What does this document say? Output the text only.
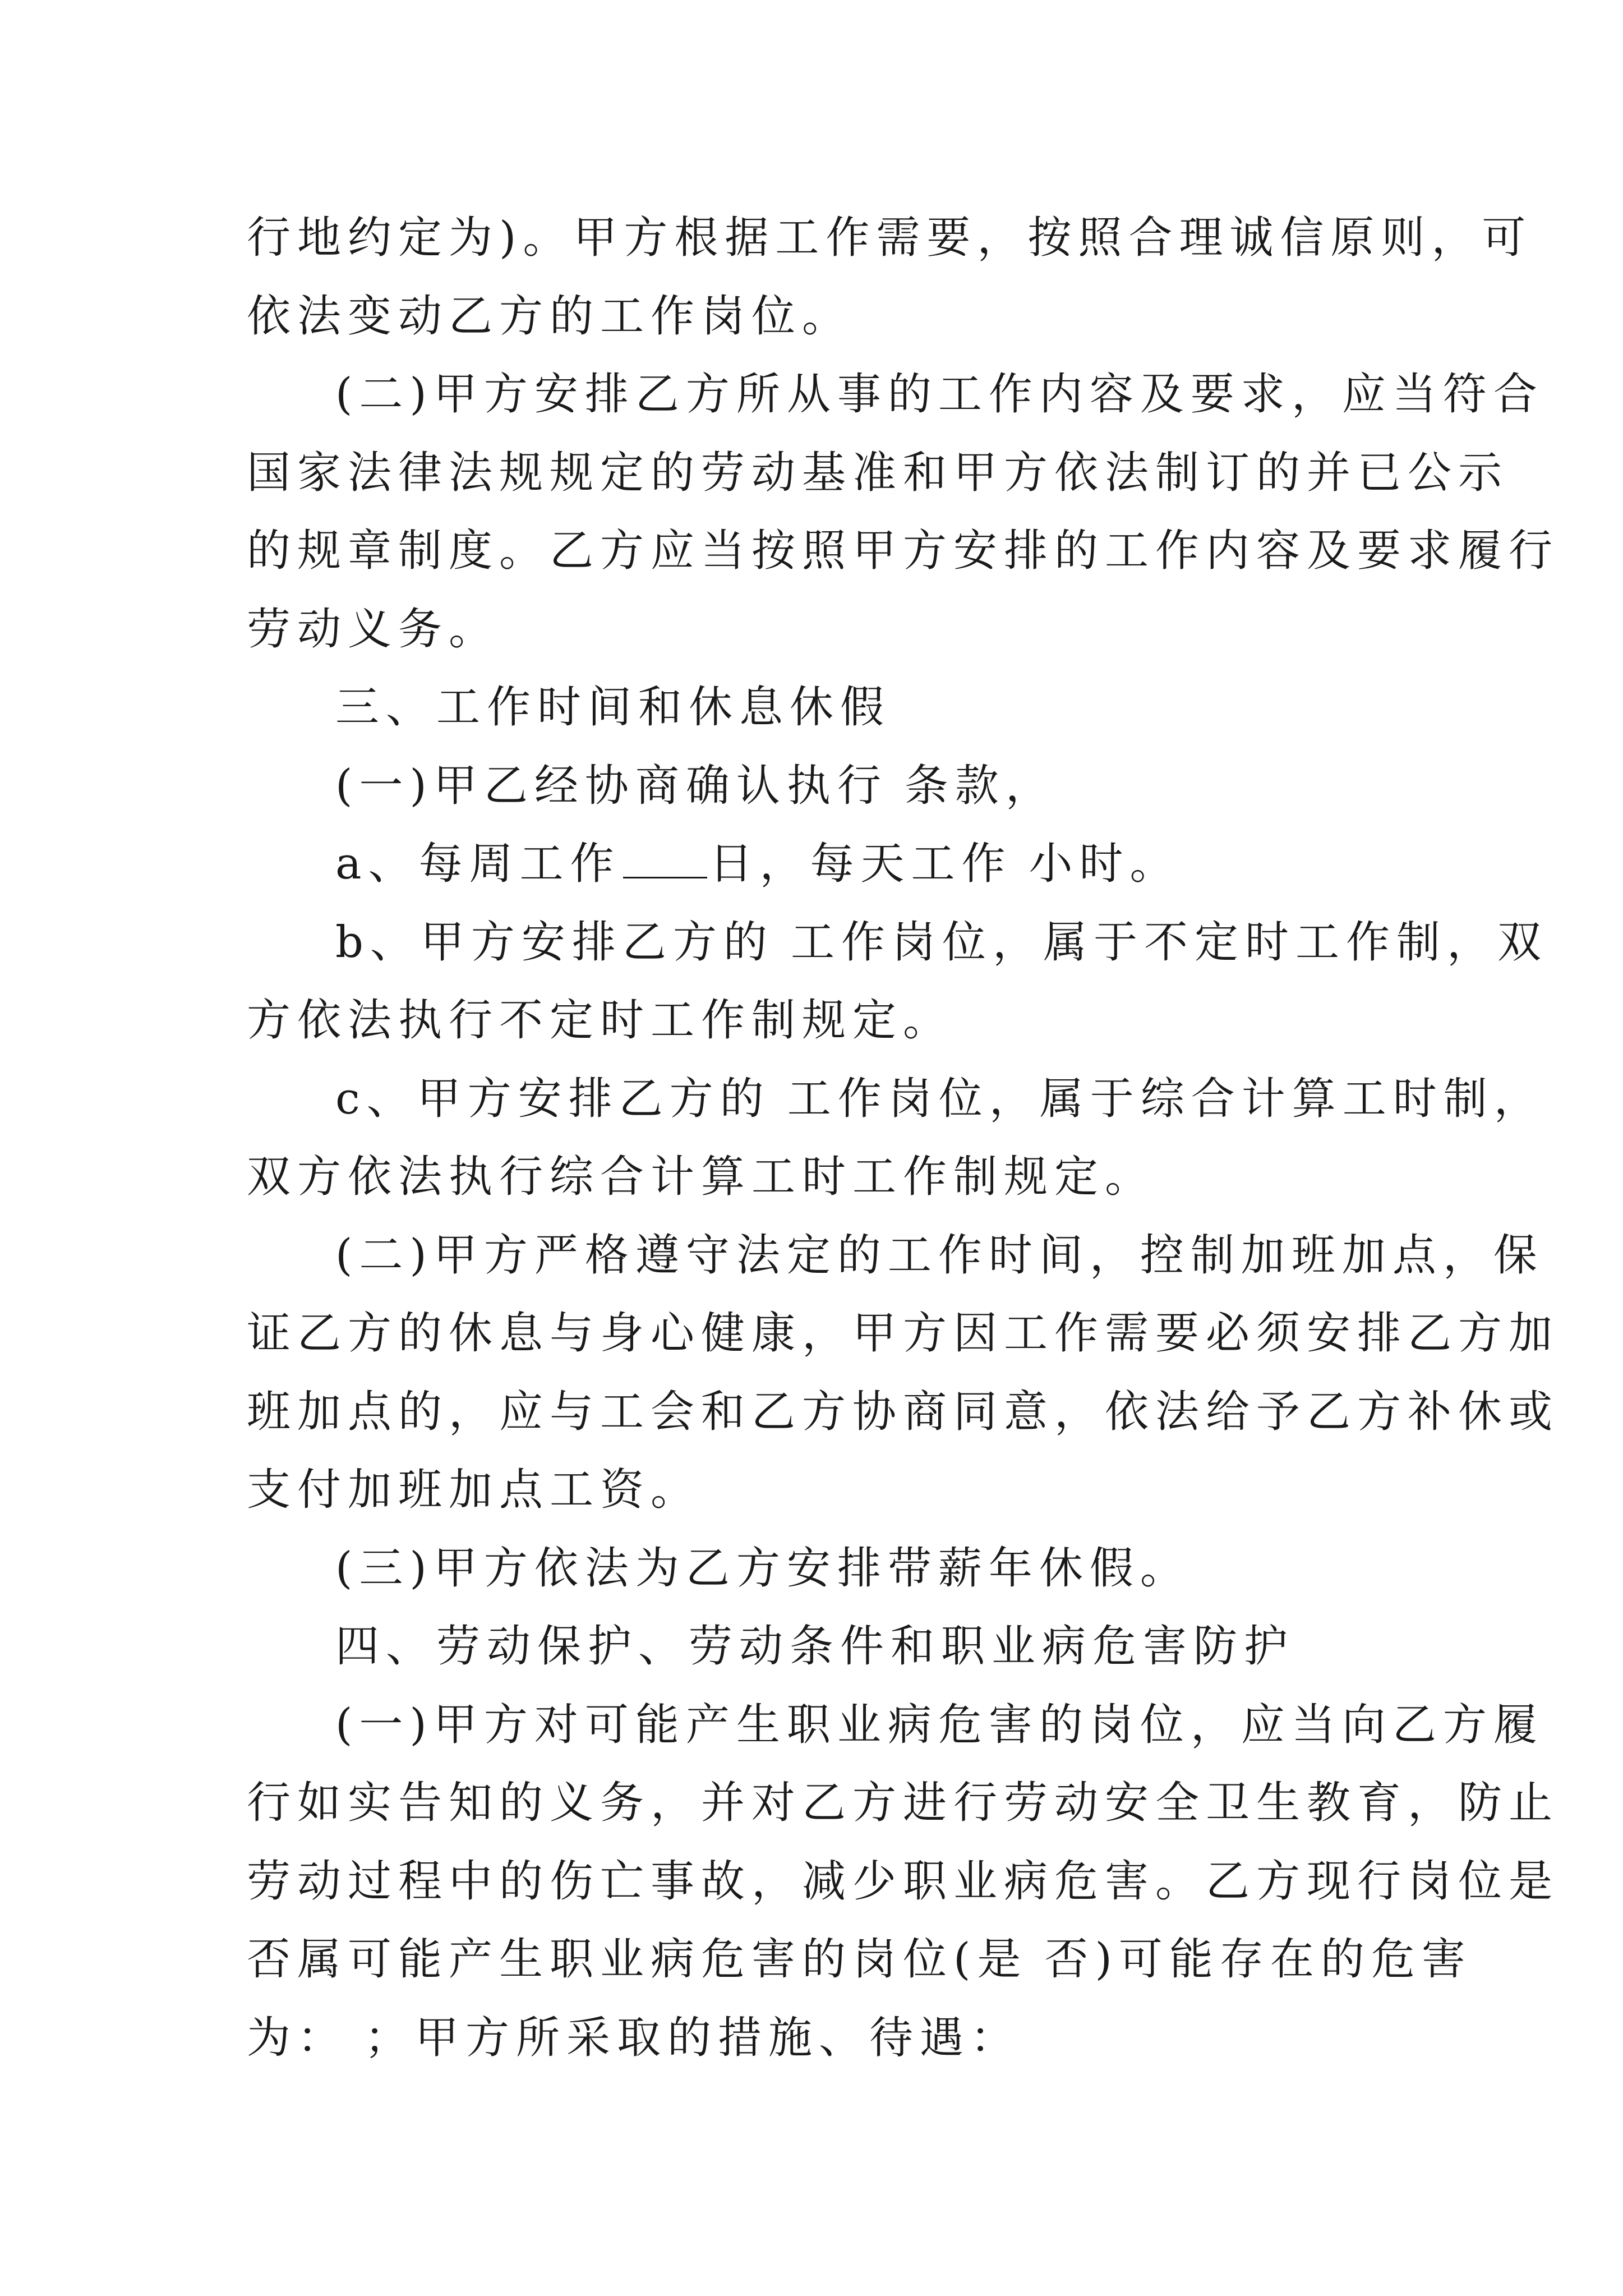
行地约定为)。甲方根据工作需要，按照合理诚信原则，可
依法变动乙方的工作岗位。
(二)甲方安排乙方所从事的工作内容及要求，应当符合
国家法律法规规定的劳动基准和甲方依法制订的并已公示
的规章制度。乙方应当按照甲方安排的工作内容及要求履行
劳动义务。
三、工作时间和休息休假
(一)甲乙经协商确认执行 条款，
a、每周工作 日，每天工作 小时。
b、甲方安排乙方的 工作岗位，属于不定时工作制，双
方依法执行不定时工作制规定。
c、甲方安排乙方的 工作岗位，属于综合计算工时制，
双方依法执行综合计算工时工作制规定。
(二)甲方严格遵守法定的工作时间，控制加班加点，保
证乙方的休息与身心健康，甲方因工作需要必须安排乙方加
班加点的，应与工会和乙方协商同意，依法给予乙方补休或
支付加班加点工资。
(三)甲方依法为乙方安排带薪年休假。
四、劳动保护、劳动条件和职业病危害防护
(一)甲方对可能产生职业病危害的岗位，应当向乙方履
行如实告知的义务，并对乙方进行劳动安全卫生教育，防止
劳动过程中的伤亡事故，减少职业病危害。乙方现行岗位是
否属可能产生职业病危害的岗位(是 否)可能存在的危害
为： ；甲方所采取的措施、待遇：
